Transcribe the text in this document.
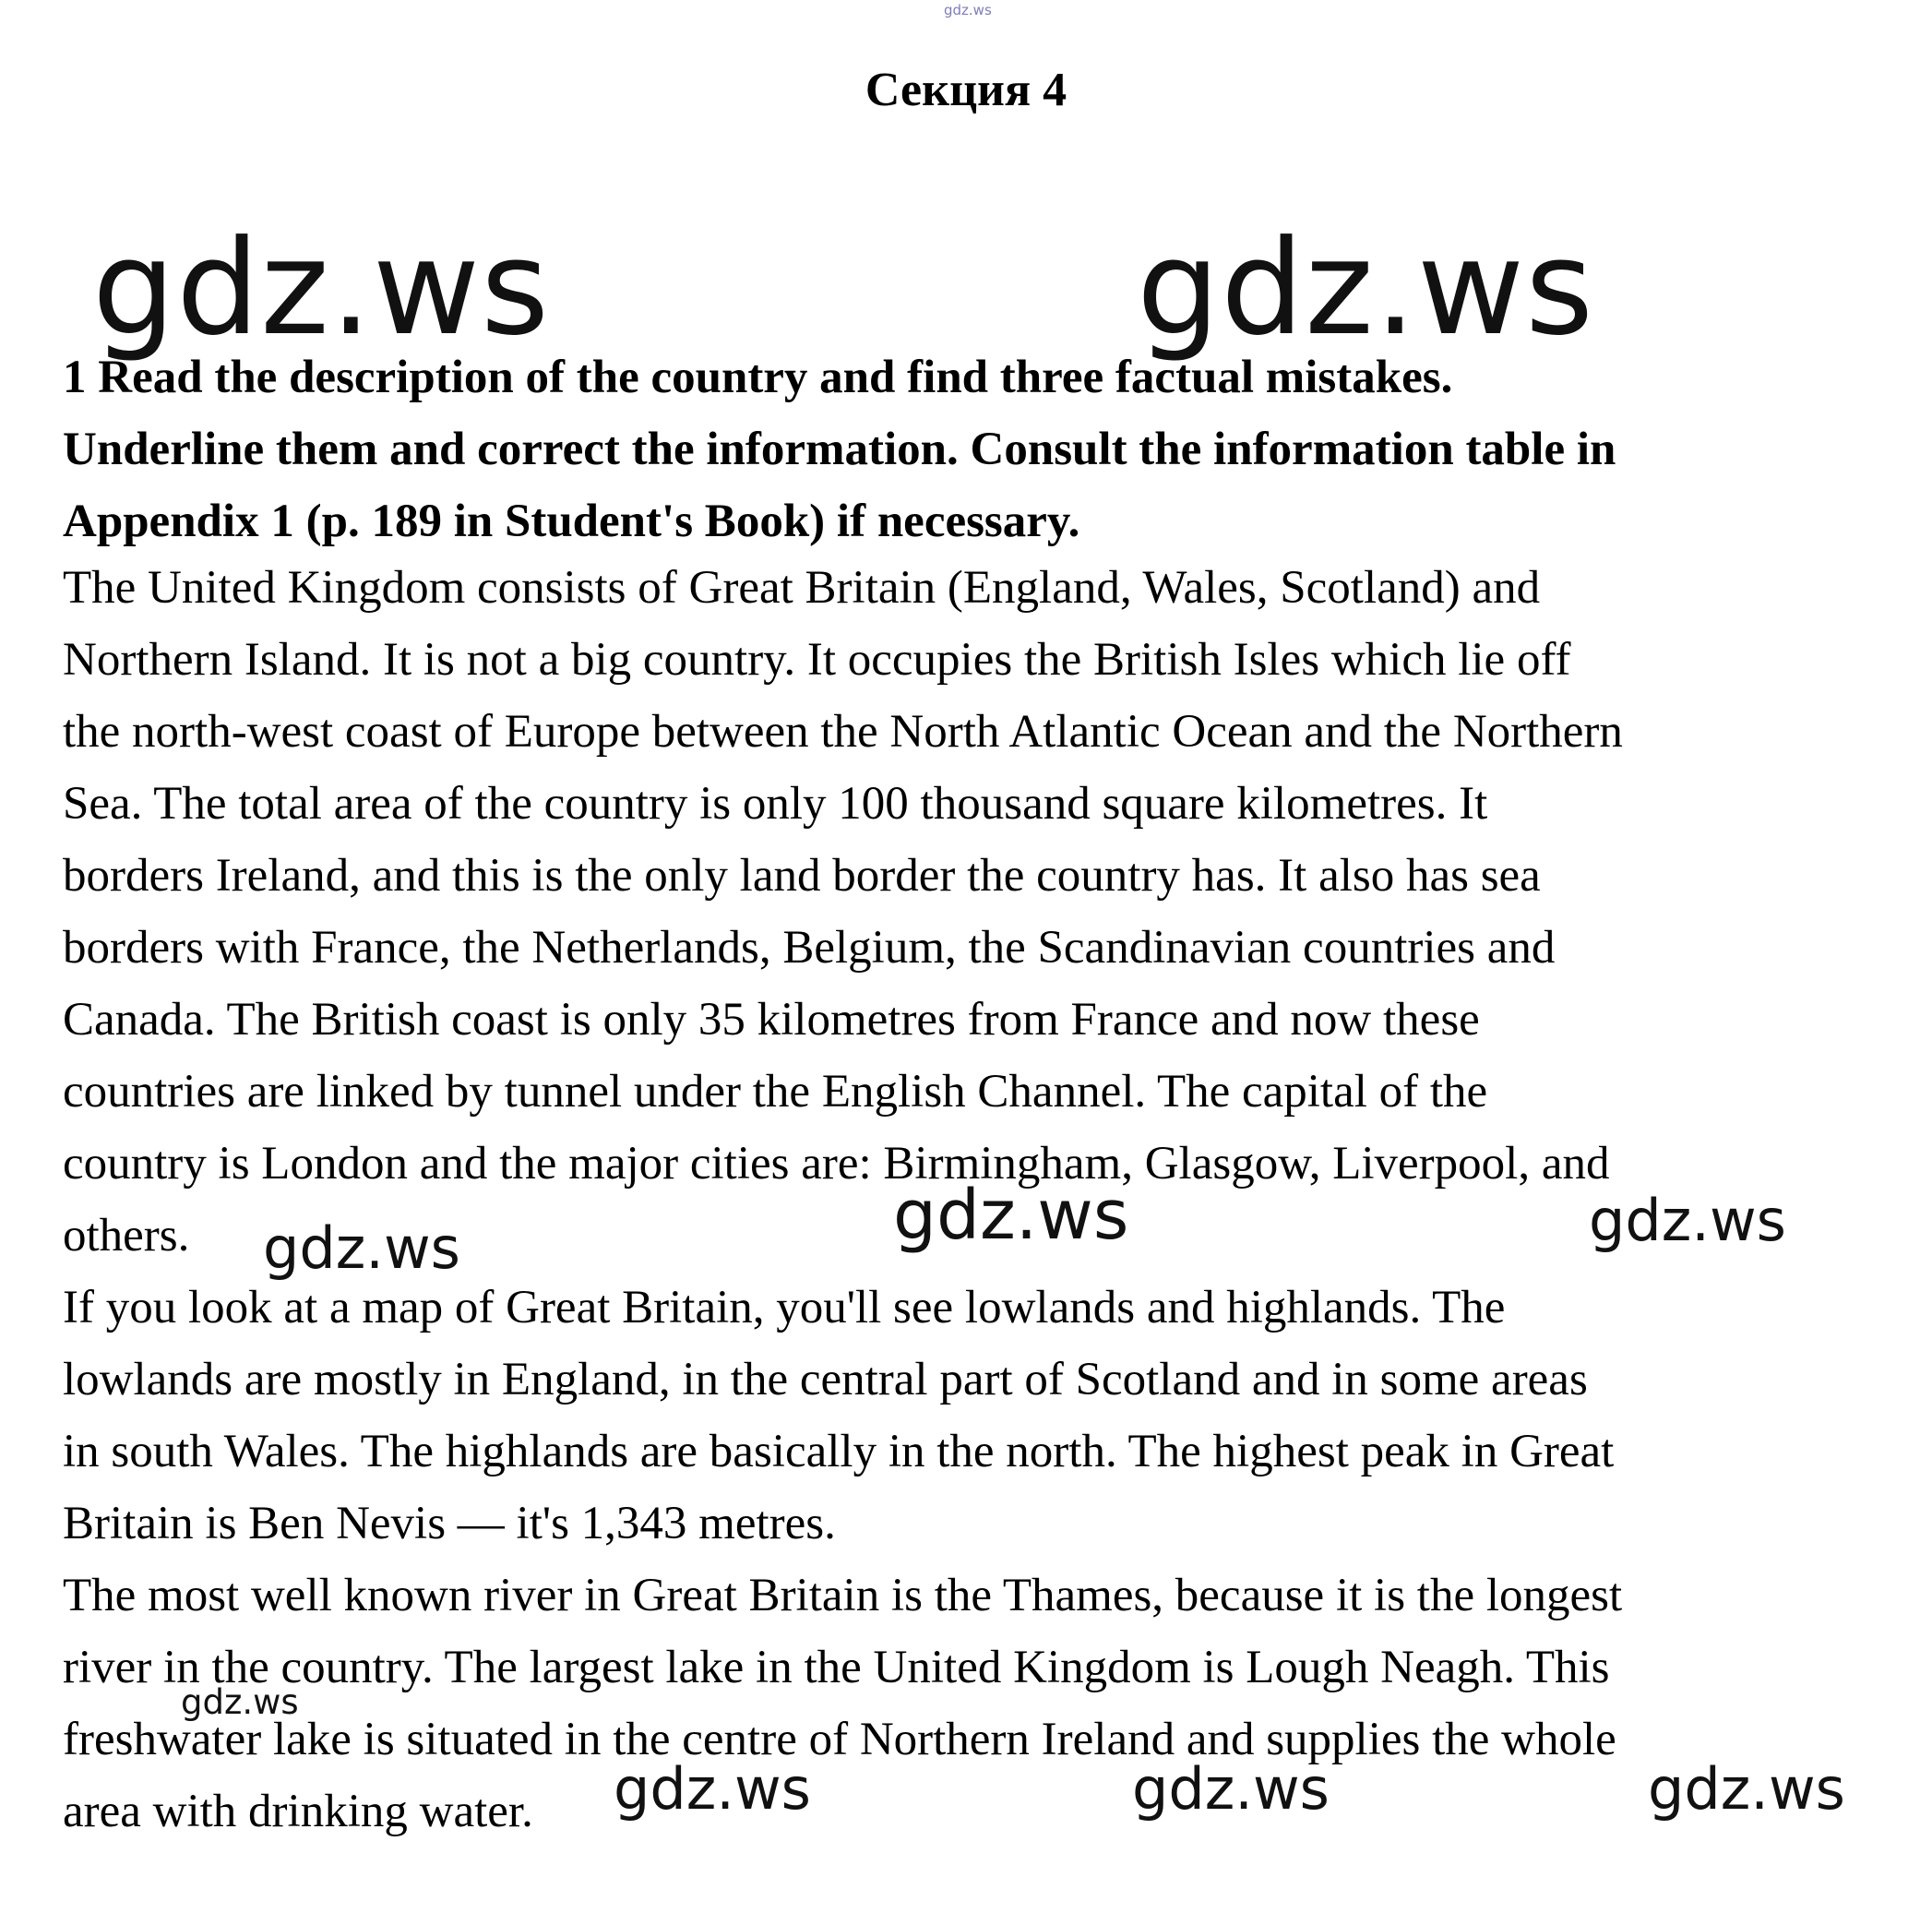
gdz.ws
Секция 4
1 Read the description of the country and find three factual mistakes.
Underline them and correct the information. Consult the information table in
Appendix 1 (p. 189 in Student's Book) if necessary.
The United Kingdom consists of Great Britain (England, Wales, Scotland) and
Northern Island. It is not a big country. It occupies the British Isles which lie off
the north-west coast of Europe between the North Atlantic Ocean and the Northern
Sea. The total area of the country is only 100 thousand square kilometres. It
borders Ireland, and this is the only land border the country has. It also has sea
borders with France, the Netherlands, Belgium, the Scandinavian countries and
Canada. The British coast is only 35 kilometres from France and now these
countries are linked by tunnel under the English Channel. The capital of the
country is London and the major cities are: Birmingham, Glasgow, Liverpool, and
others.
If you look at a map of Great Britain, you'll see lowlands and highlands. The
lowlands are mostly in England, in the central part of Scotland and in some areas
in south Wales. The highlands are basically in the north. The highest peak in Great
Britain is Ben Nevis — it's 1,343 metres.
The most well known river in Great Britain is the Thames, because it is the longest
river in the country. The largest lake in the United Kingdom is Lough Neagh. This
freshwater lake is situated in the centre of Northern Ireland and supplies the whole
area with drinking water.
gdz.ws	gdz.ws
gdz.ws	gdz.ws
gdz.ws
gdz.ws
gdz.ws	gdz.ws	gdz.ws
